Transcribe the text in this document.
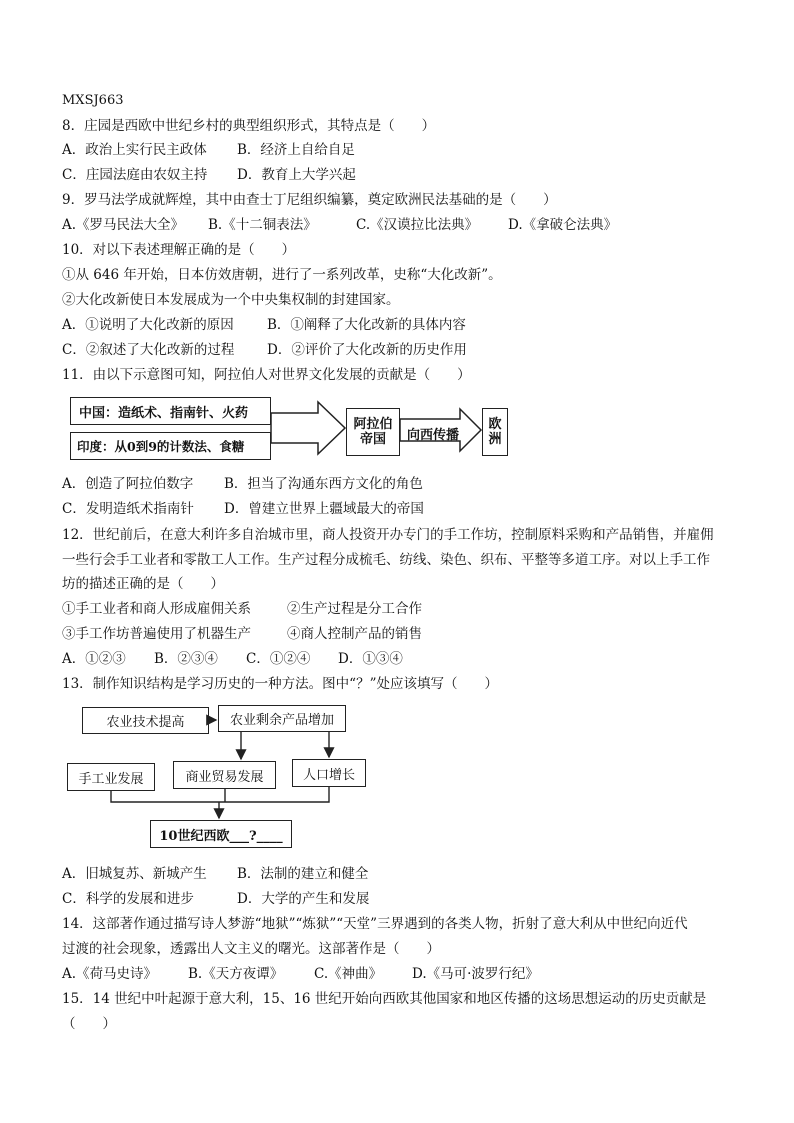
MXSJ663
8．庄园是西欧中世纪乡村的典型组织形式，其特点是（　　）
A．政治上实行民主政体 B．经济上自给自足
C．庄园法庭由农奴主持 D．教育上大学兴起
9．罗马法学成就辉煌，其中由查士丁尼组织编纂，奠定欧洲民法基础的是（　　）
A.《罗马民法大全》 B.《十二铜表法》	C.《汉谟拉比法典》 D.《拿破仑法典》
10．对以下表述理解正确的是（　　）
①从 646 年开始，日本仿效唐朝，进行了一系列改革，史称“大化改新”。
②大化改新使日本发展成为一个中央集权制的封建国家。
A．①说明了大化改新的原因 B．①阐释了大化改新的具体内容
C．②叙述了大化改新的过程 D．②评价了大化改新的历史作用
11．由以下示意图可知，阿拉伯人对世界文化发展的贡献是（　　）
中国：造纸术、指南针、火药
印度：从0到9的计数法、食糖
阿拉伯帝国
欧洲
向西传播
A．创造了阿拉伯数字 B．担当了沟通东西方文化的角色
C．发明造纸术指南针 D．曾建立世界上疆域最大的帝国
12．世纪前后，在意大利许多自治城市里，商人投资开办专门的手工作坊，控制原料采购和产品销售，并雇佣
一些行会手工业者和零散工人工作。生产过程分成梳毛、纺线、染色、织布、平整等多道工序。对以上手工作
坊的描述正确的是（　　）
①手工业者和商人形成雇佣关系	②生产过程是分工合作
③手工作坊普遍使用了机器生产	④商人控制产品的销售
A．①②③ B．②③④ C．①②④ D．①③④
13．制作知识结构是学习历史的一种方法。图中“？”处应该填写（　　）
农业技术提高	农业剩余产品增加
手工业发展	商业贸易发展	人口增长
10世纪西欧___?____
A．旧城复苏、新城产生 B．法制的建立和健全
C．科学的发展和进步	D．大学的产生和发展
14．这部著作通过描写诗人梦游“地狱”“炼狱”“天堂”三界遇到的各类人物，折射了意大利从中世纪向近代
过渡的社会现象，透露出人文主义的曙光。这部著作是（　　）
A.《荷马史诗》 B.《天方夜谭》 C.《神曲》 D.《马可·波罗行纪》
15．14 世纪中叶起源于意大利，15、16 世纪开始向西欧其他国家和地区传播的这场思想运动的历史贡献是
（　　）
